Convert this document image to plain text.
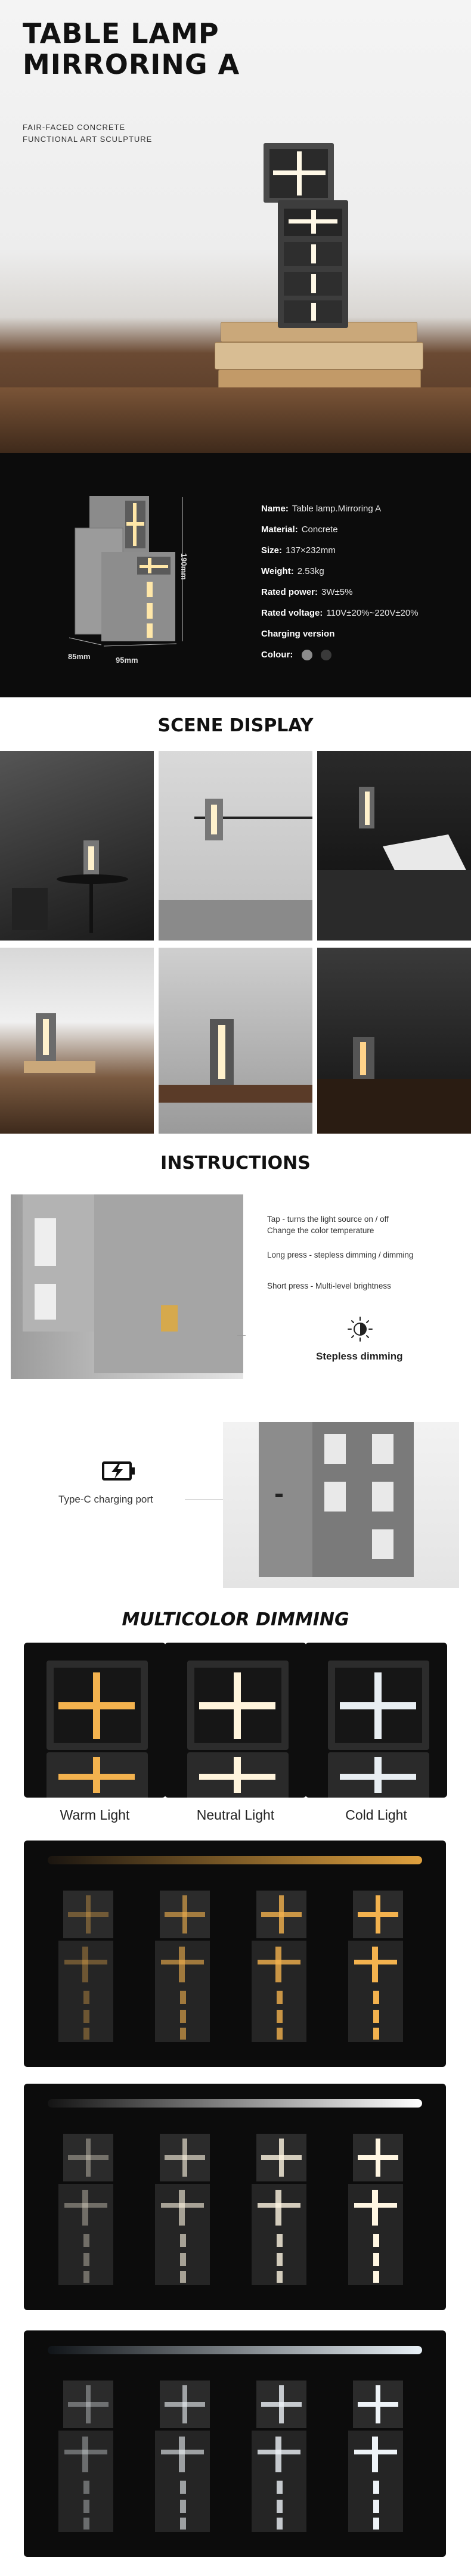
TABLE LAMP
MIRRORING A

FAIR-FACED CONCRETE
FUNCTIONAL ART SCULPTURE

190mm
85mm	95mm
Name: Table lamp.Mirroring A
Material: Concrete
Size: 137×232mm
Weight: 2.53kg
Rated power: 3W±5%
Rated voltage: 110V±20%~220V±20%
Charging version
Colour:
SCENE DISPLAY
INSTRUCTIONS
Tap - turns the light source on / off
Change the color temperature
Long press - stepless dimming / dimming
Short press - Multi-level brightness
Stepless dimming
Type-C charging port
MULTICOLOR DIMMING
Warm Light	Neutral Light	Cold Light
